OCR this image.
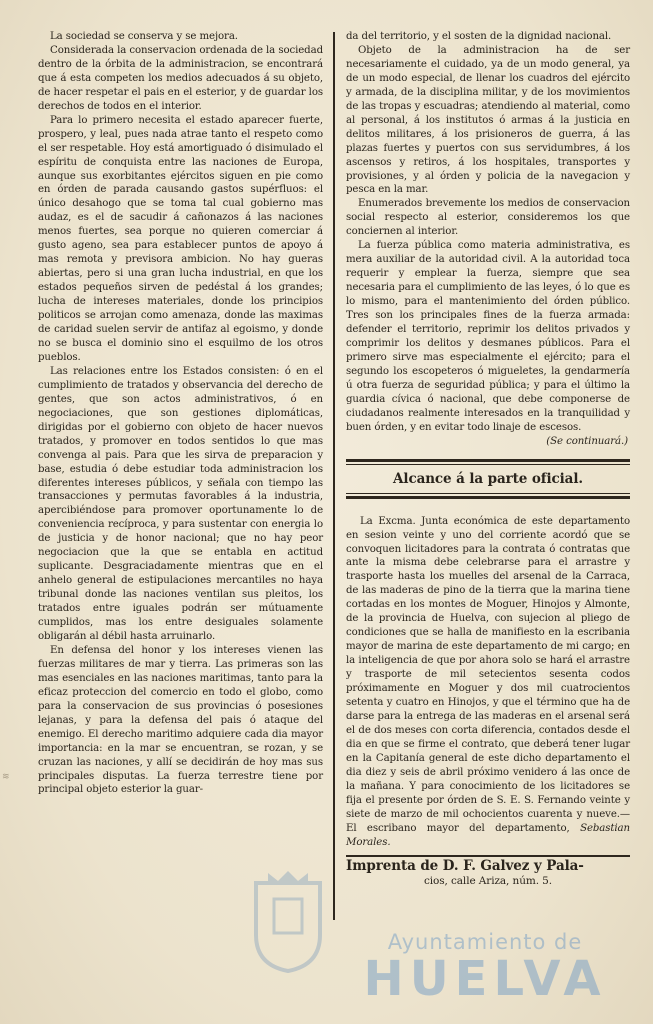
La sociedad se conserva y se mejora.

Considerada la conservacion ordenada de la sociedad dentro de la órbita de la administracion, se encontrará que á esta competen los medios adecuados á su objeto, de hacer respetar el pais en el esterior, y de guardar los derechos de todos en el interior.

Para lo primero necesita el estado aparecer fuerte, prospero, y leal, pues nada atrae tanto el respeto como el ser respetable. Hoy está amortiguado ó disimulado el espíritu de conquista entre las naciones de Europa, aunque sus exorbitantes ejércitos siguen en pie como en órden de parada causando gastos supérfluos: el único desahogo que se toma tal cual gobierno mas audaz, es el de sacudir á cañonazos á las naciones menos fuertes, sea porque no quieren comerciar á gusto ageno, sea para establecer puntos de apoyo á mas remota y previsora ambicion. No hay gueras abiertas, pero si una gran lucha industrial, en que los estados pequeños sirven de pedéstal á los grandes; lucha de intereses materiales, donde los principios politicos se arrojan como amenaza, donde las maximas de caridad suelen servir de antifaz al egoismo, y donde no se busca el dominio sino el esquilmo de los otros pueblos.

Las relaciones entre los Estados consisten: ó en el cumplimiento de tratados y observancia del derecho de gentes, que son actos administrativos, ó en negociaciones, que son gestiones diplomáticas, dirigidas por el gobierno con objeto de hacer nuevos tratados, y promover en todos sentidos lo que mas convenga al pais. Para que les sirva de preparacion y base, estudia ó debe estudiar toda administracion los diferentes intereses públicos, y señala con tiempo las transacciones y permutas favorables á la industria, apercibiéndose para promover oportunamente lo de conveniencia recíproca, y para sustentar con energia lo de justicia y de honor nacional; que no hay peor negociacion que la que se entabla en actitud suplicante. Desgraciadamente mientras que en el anhelo general de estipulaciones mercantiles no haya tribunal donde las naciones ventilan sus pleitos, los tratados entre iguales podrán ser mútuamente cumplidos, mas los entre desiguales solamente obligarán al débil hasta arruinarlo.

En defensa del honor y los intereses vienen las fuerzas militares de mar y tierra. Las primeras son las mas esenciales en las naciones maritimas, tanto para la eficaz proteccion del comercio en todo el globo, como para la conservacion de sus provincias ó posesiones lejanas, y para la defensa del pais ó ataque del enemigo. El derecho maritimo adquiere cada dia mayor importancia: en la mar se encuentran, se rozan, y se cruzan las naciones, y allí se decidirán de hoy mas sus principales disputas. La fuerza terrestre tiene por principal objeto esterior la guar-

da del territorio, y el sosten de la dignidad nacional.

Objeto de la administracion ha de ser necesariamente el cuidado, ya de un modo general, ya de un modo especial, de llenar los cuadros del ejército y armada, de la disciplina militar, y de los movimientos de las tropas y escuadras; atendiendo al material, como al personal, á los institutos ó armas á la justicia en delitos militares, á los prisioneros de guerra, á las plazas fuertes y puertos con sus servidumbres, á los ascensos y retiros, á los hospitales, transportes y provisiones, y al órden y policia de la navegacion y pesca en la mar.

Enumerados brevemente los medios de conservacion social respecto al esterior, consideremos los que conciernen al interior.

La fuerza pública como materia administrativa, es mera auxiliar de la autoridad civil. A la autoridad toca requerir y emplear la fuerza, siempre que sea necesaria para el cumplimiento de las leyes, ó lo que es lo mismo, para el mantenimiento del órden público. Tres son los principales fines de la fuerza armada: defender el territorio, reprimir los delitos privados y comprimir los delitos y desmanes públicos. Para el primero sirve mas especialmente el ejército; para el segundo los escopeteros ó migueletes, la gendarmería ú otra fuerza de seguridad pública; y para el último la guardia cívica ó nacional, que debe componerse de ciudadanos realmente interesados en la tranquilidad y buen órden, y en evitar todo linaje de escesos.

(Se continuará.)

Alcance á la parte oficial.

La Excma. Junta económica de este departamento en sesion veinte y uno del corriente acordó que se convoquen licitadores para la contrata ó contratas que ante la misma debe celebrarse para el arrastre y trasporte hasta los muelles del arsenal de la Carraca, de las maderas de pino de la tierra que la marina tiene cortadas en los montes de Moguer, Hinojos y Almonte, de la provincia de Huelva, con sujecion al pliego de condiciones que se halla de manifiesto en la escribania mayor de marina de este departamento de mi cargo; en la inteligencia de que por ahora solo se hará el arrastre y trasporte de mil setecientos sesenta codos próximamente en Moguer y dos mil cuatrocientos setenta y cuatro en Hinojos, y que el término que ha de darse para la entrega de las maderas en el arsenal será el de dos meses con corta diferencia, contados desde el dia en que se firme el contrato, que deberá tener lugar en la Capitanía general de este dicho departamento el dia diez y seis de abril próximo venidero á las once de la mañana. Y para conocimiento de los licitadores se fija el presente por órden de S. E. S. Fernando veinte y siete de marzo de mil ochocientos cuarenta y nueve.—El escribano mayor del departamento, Sebastian Morales.

Imprenta de D. F. Galvez y Pala-

cios, calle Ariza, núm. 5.

Ayuntamiento de
HUELVA
≋
